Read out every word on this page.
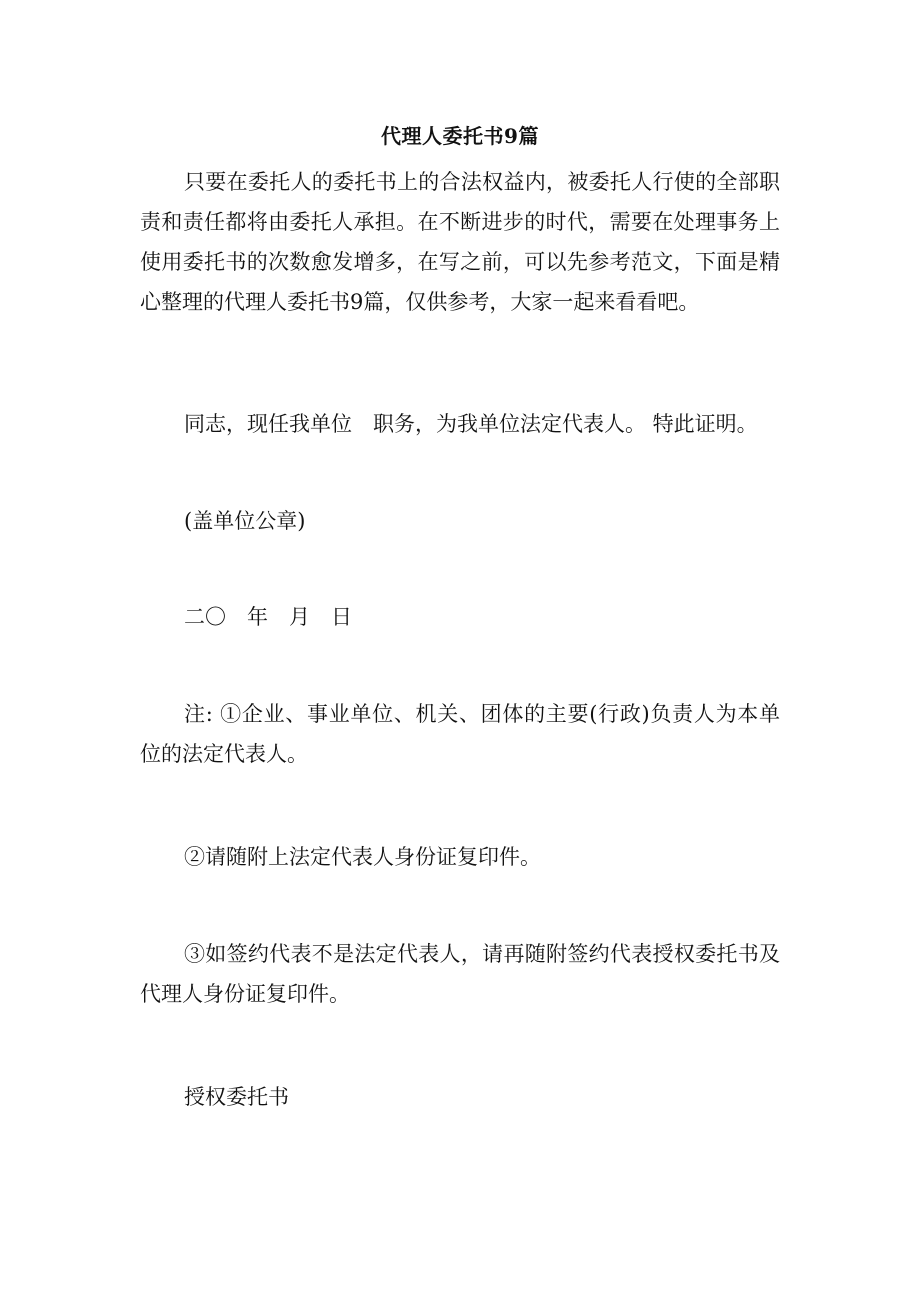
代理人委托书9篇

只要在委托人的委托书上的合法权益内，被委托人行使的全部职责和责任都将由委托人承担。在不断进步的时代，需要在处理事务上使用委托书的次数愈发增多，在写之前，可以先参考范文，下面是精心整理的代理人委托书9篇，仅供参考，大家一起来看看吧。

同志，现任我单位　职务，为我单位法定代表人。 特此证明。

(盖单位公章)

二〇　年　月　日

注: ①企业、事业单位、机关、团体的主要(行政)负责人为本单位的法定代表人。

②请随附上法定代表人身份证复印件。

③如签约代表不是法定代表人，请再随附签约代表授权委托书及代理人身份证复印件。

授权委托书
